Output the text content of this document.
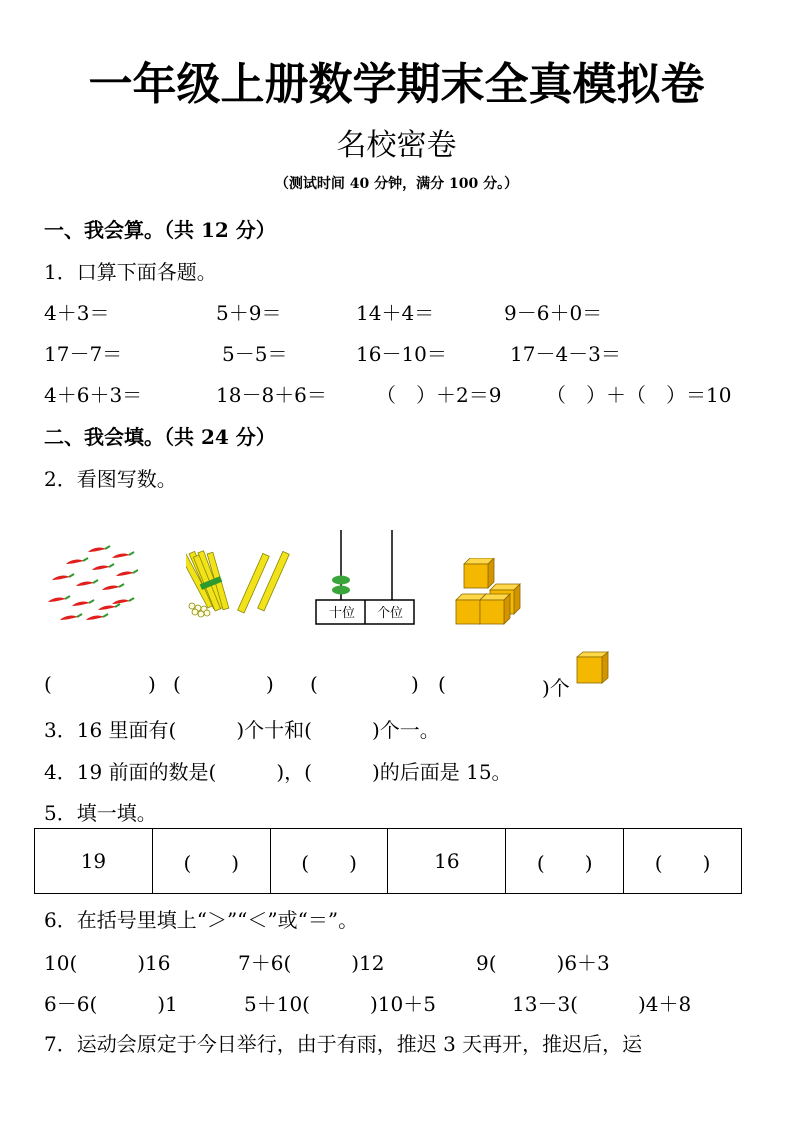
一年级上册数学期末全真模拟卷
名校密卷
（测试时间 40 分钟，满分 100 分。）
一、我会算。（共 12 分）
1．口算下面各题。
4＋3＝	5＋9＝	14＋4＝	9－6＋0＝
17－7＝	5－5＝	16－10＝	17－4－3＝
4＋6＋3＝	18－8＋6＝ （　）＋2＝9 （　）＋（　）＝10
二、我会填。（共 24 分）
2．看图写数。
十位	个位
(	) (	) (	) (	)个
3．16 里面有(　　　)个十和(　　　)个一。
4．19 前面的数是(　　　)，(　　　)的后面是 15。
5．填一填。
19	(　　)	(　　)	16	(　　)	(　　)
6．在括号里填上“＞”“＜”或“＝”。
10(　　　)16	7＋6(　　　)12	9(　　　)6＋3
6－6(　　　)1	5＋10(　　　)10＋5	13－3(　　　)4＋8
7．运动会原定于今日举行，由于有雨，推迟 3 天再开，推迟后，运
